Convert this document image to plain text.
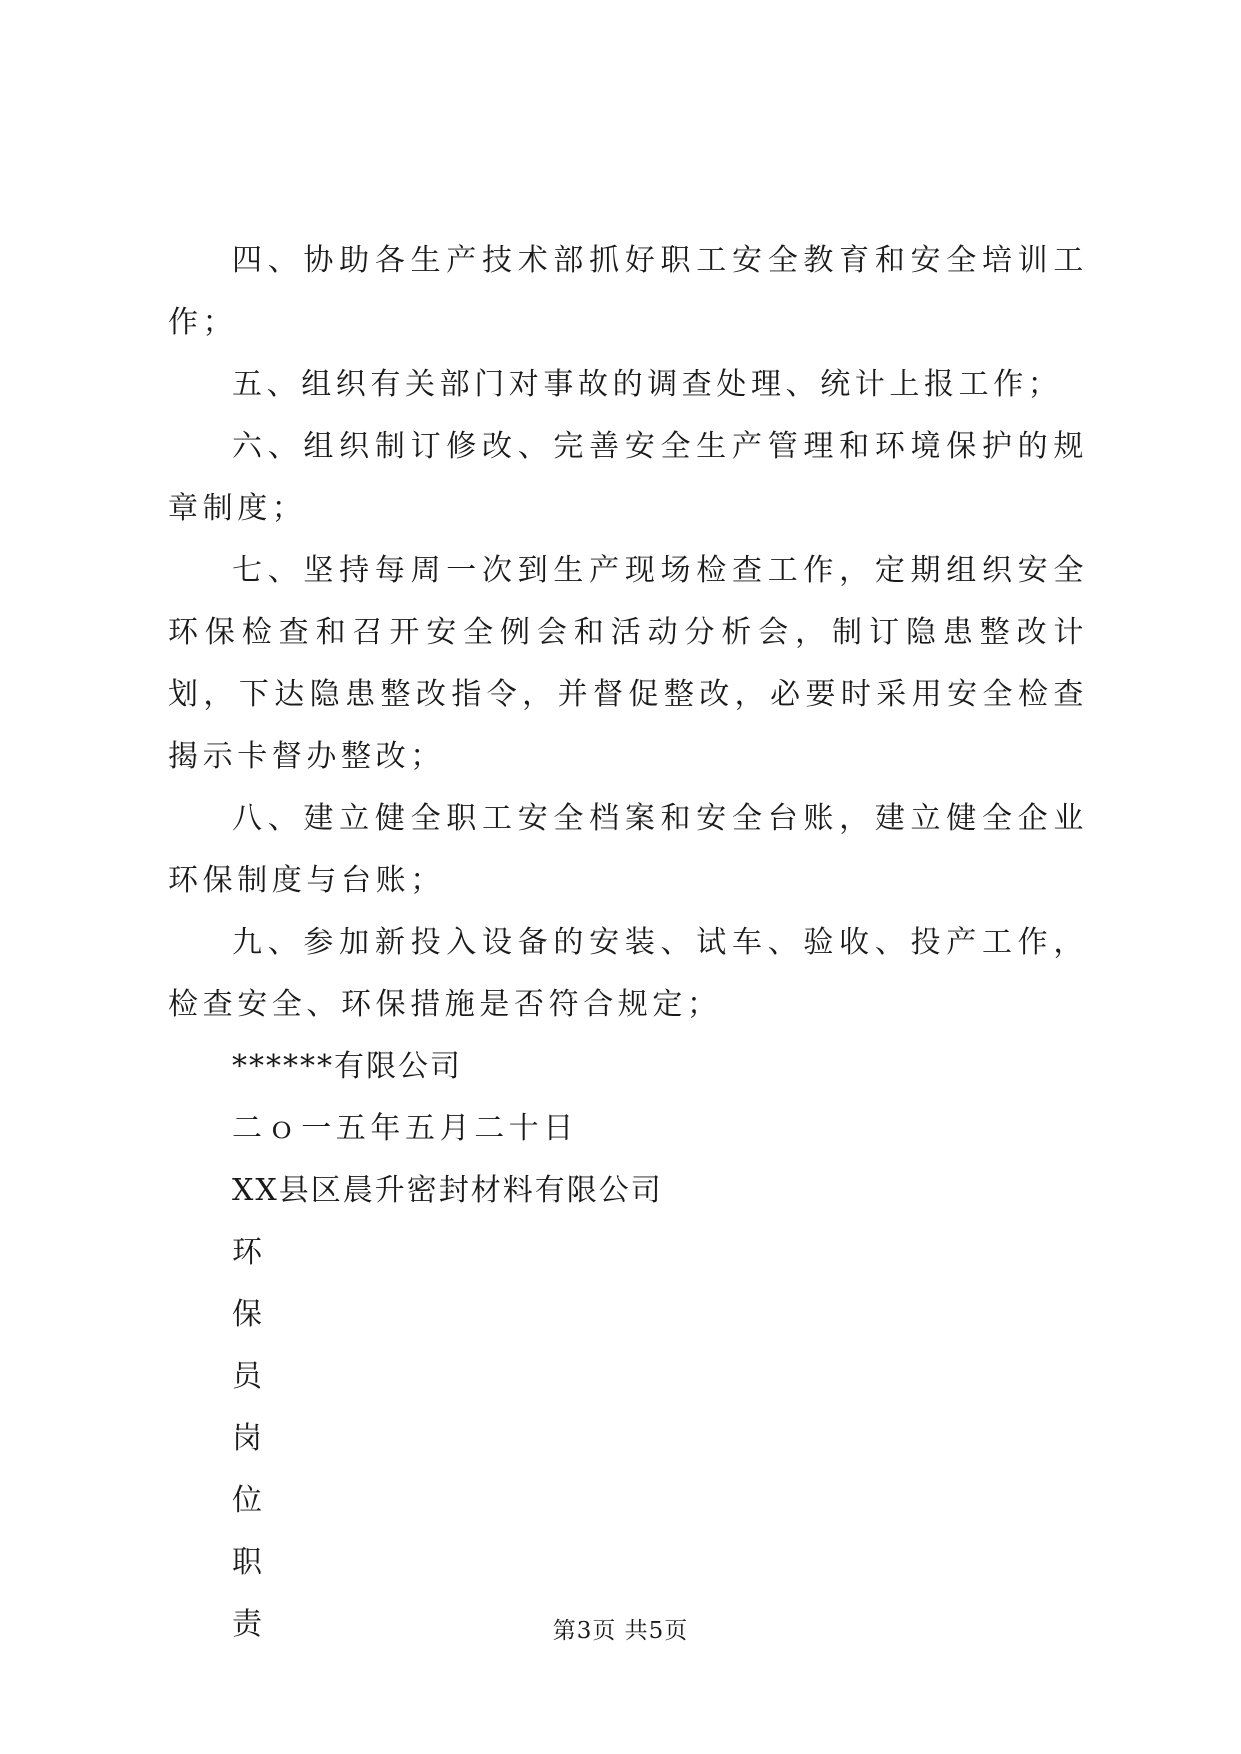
四、协助各生产技术部抓好职工安全教育和安全培训工作；

五、组织有关部门对事故的调查处理、统计上报工作；

六、组织制订修改、完善安全生产管理和环境保护的规章制度；

七、坚持每周一次到生产现场检查工作，定期组织安全环保检查和召开安全例会和活动分析会，制订隐患整改计划，下达隐患整改指令，并督促整改，必要时采用安全检查揭示卡督办整改；

八、建立健全职工安全档案和安全台账，建立健全企业环保制度与台账；

九、参加新投入设备的安装、试车、验收、投产工作，检查安全、环保措施是否符合规定；

******有限公司

二ｏ一五年五月二十日

XX县区晨升密封材料有限公司

环
保
员
岗
位
职
责	第3页 共5页
